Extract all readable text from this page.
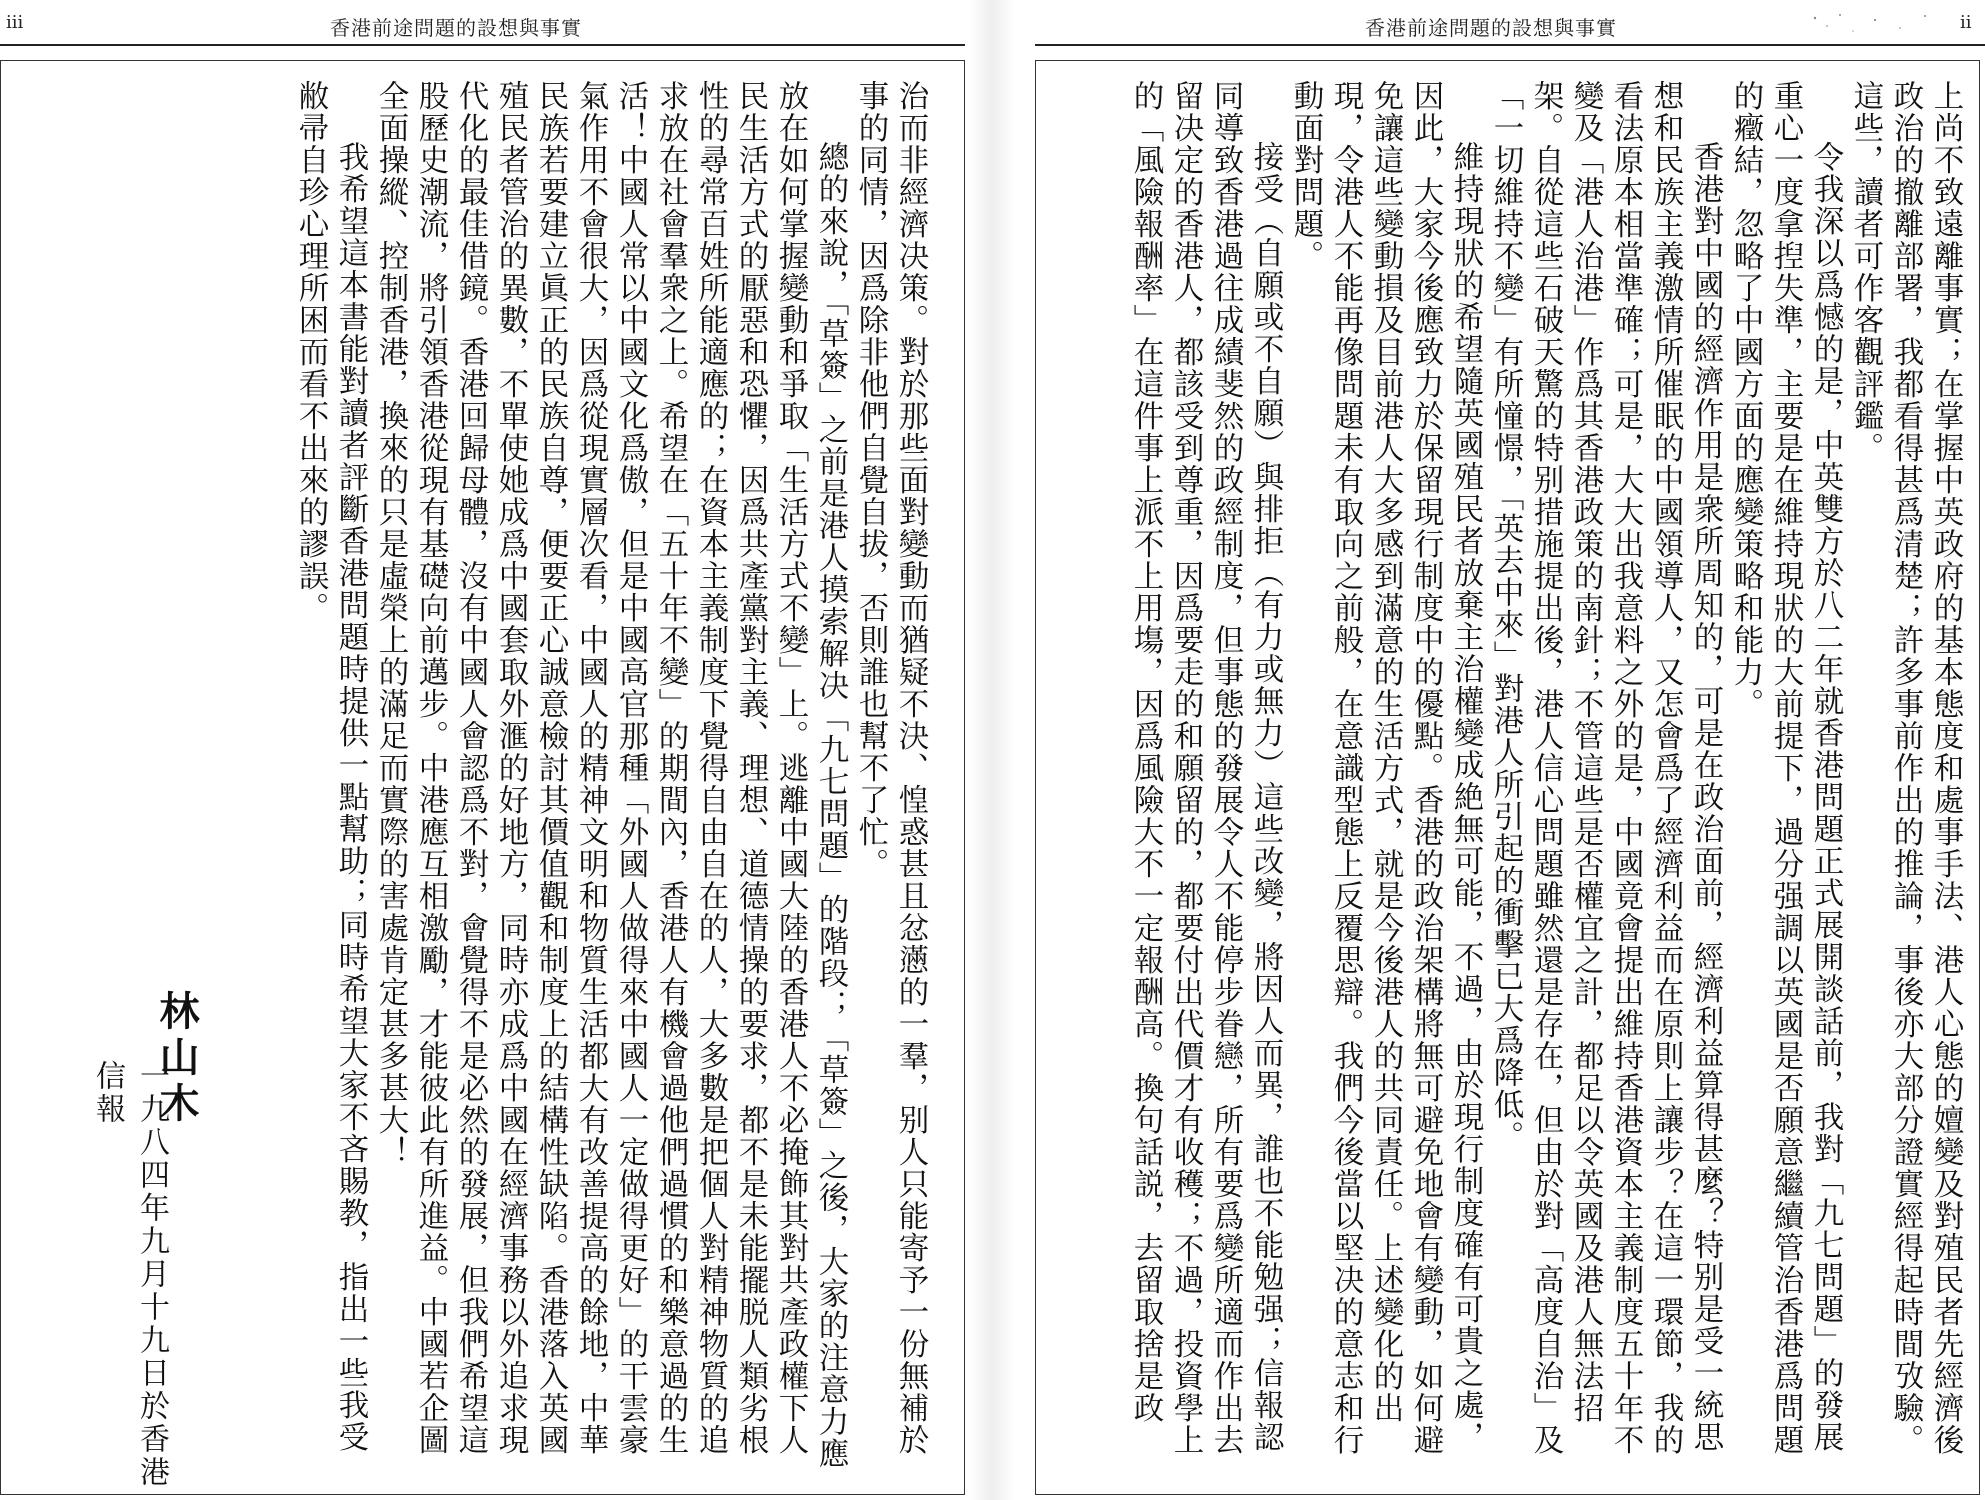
iii	香港前途問題的設想與事實

治而非經濟决策。對於那些面對變動而猶疑不決、惶惑甚且忿懣的一羣，别人只能寄予一份無補於事的同情，因爲除非他們自覺自拔，否則誰也幫不了忙。

總的來說，「草簽」之前是港人摸索解决「九七問題」的階段；「草簽」之後，大家的注意力應放在如何掌握變動和爭取「生活方式不變」上。逃離中國大陸的香港人不必掩飾其對共產政權下人民生活方式的厭惡和恐懼，因爲共產黨對主義、理想、道德情操的要求，都不是未能擺脱人類劣根性的尋常百姓所能適應的；在資本主義制度下覺得自由自在的人，大多數是把個人對精神物質的追求放在社會羣衆之上。希望在「五十年不變」的期間內，香港人有機會過他們過慣的和樂意過的生活！中國人常以中國文化爲傲，但是中國高官那種「外國人做得來中國人一定做得更好」的干雲豪氣作用不會很大，因爲從現實層次看，中國人的精神文明和物質生活都大有改善提高的餘地，中華民族若要建立眞正的民族自尊，便要正心誠意檢討其價值觀和制度上的結構性缺陷。香港落入英國殖民者管治的異數，不單使她成爲中國套取外滙的好地方，同時亦成爲中國在經濟事務以外追求現代化的最佳借鏡。香港回歸母體，沒有中國人會認爲不對，會覺得不是必然的發展，但我們希望這股歷史潮流，將引領香港從現有基礎向前邁步。中港應互相激勵，才能彼此有所進益。中國若企圖全面操縱、控制香港，換來的只是虛榮上的滿足而實際的害處肯定甚多甚大！

我希望這本書能對讀者評斷香港問題時提供一點幫助；同時希望大家不吝賜教，指出一些我受敝帚自珍心理所困而看不出來的謬誤。

林山木
一九八四年九月十九日於香港信報
ii
香港前途問題的設想與事實

上尚不致遠離事實；在掌握中英政府的基本態度和處事手法、港人心態的嬗變及對殖民者先經濟後政治的撤離部署，我都看得甚爲清楚；許多事前作出的推論，事後亦大部分證實經得起時間攷驗。這些，讀者可作客觀評鑑。

令我深以爲憾的是，中英雙方於八二年就香港問題正式展開談話前，我對「九七問題」的發展重心一度拿揑失準，主要是在維持現狀的大前提下，過分强調以英國是否願意繼續管治香港爲問題的癥結，忽略了中國方面的應變策略和能力。

香港對中國的經濟作用是衆所周知的，可是在政治面前，經濟利益算得甚麼？特别是受一統思想和民族主義激情所催眠的中國領導人，又怎會爲了經濟利益而在原則上讓步？在這一環節，我的看法原本相當準確；可是，大大出我意料之外的是，中國竟會提出維持香港資本主義制度五十年不變及「港人治港」作爲其香港政策的南針；不管這些是否權宜之計，都足以令英國及港人無法招架。自從這些石破天驚的特别措施提出後，港人信心問題雖然還是存在，但由於對「高度自治」及「一切維持不變」有所憧憬，「英去中來」對港人所引起的衝擊已大爲降低。

維持現狀的希望隨英國殖民者放棄主治權變成絶無可能，不過，由於現行制度確有可貴之處，因此，大家今後應致力於保留現行制度中的優點。香港的政治架構將無可避免地會有變動，如何避免讓這些變動損及目前港人大多感到滿意的生活方式，就是今後港人的共同責任。上述變化的出現，令港人不能再像問題未有取向之前般，在意識型態上反覆思辯。我們今後當以堅决的意志和行動面對問題。

接受（自願或不自願）與排拒（有力或無力）這些改變，將因人而異，誰也不能勉强；信報認同導致香港過往成績斐然的政經制度，但事態的發展令人不能停步眷戀，所有要爲變所適而作出去留决定的香港人，都該受到尊重，因爲要走的和願留的，都要付出代價才有收穫；不過，投資學上的「風險報酬率」在這件事上派不上用塲，因爲風險大不一定報酬高。換句話説，去留取捨是政
